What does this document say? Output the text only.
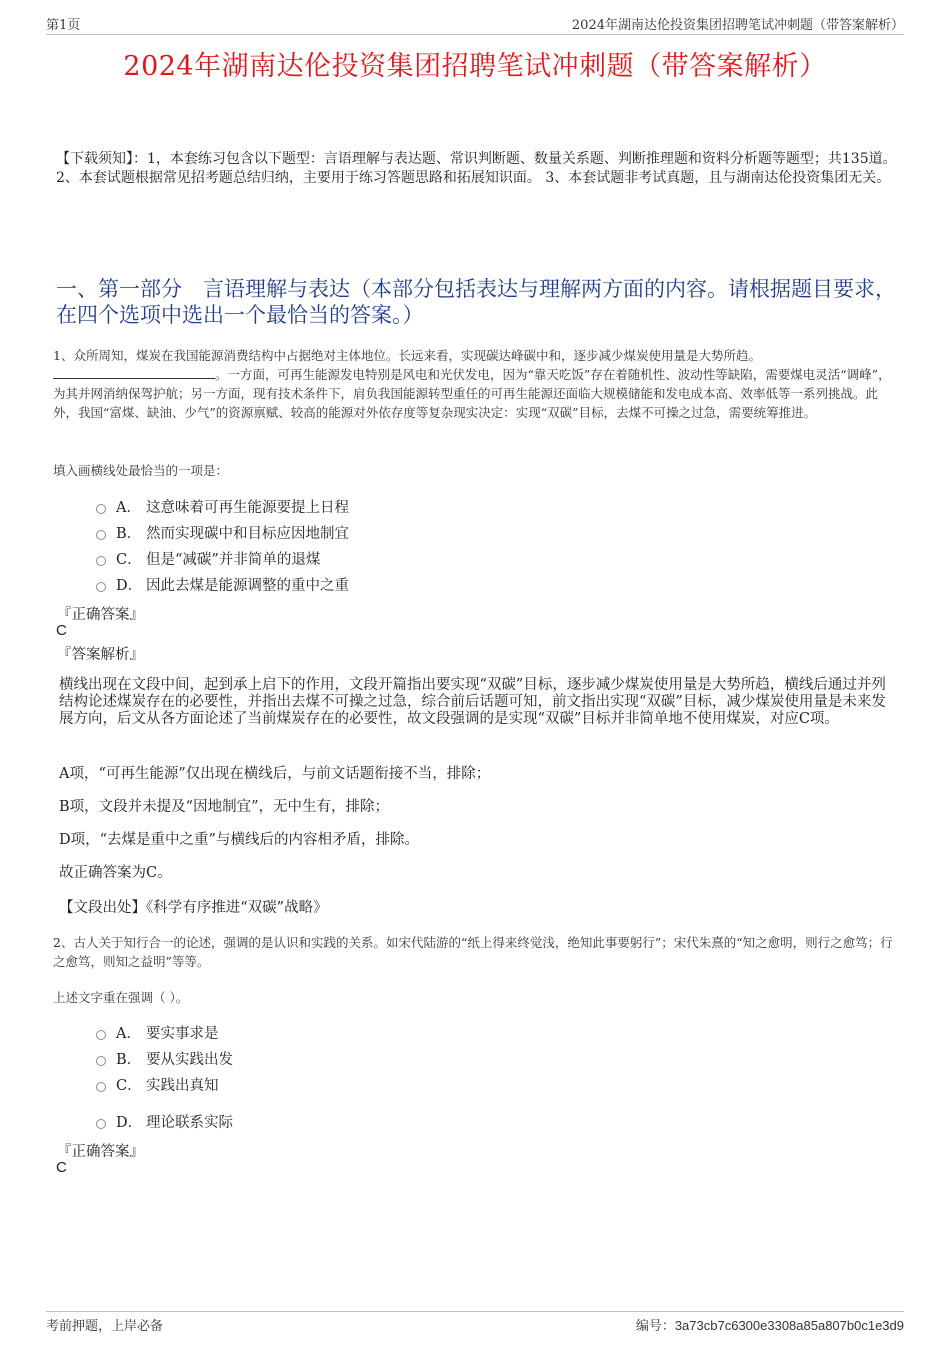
第1页	2024年湖南达伦投资集团招聘笔试冲刺题（带答案解析）
2024年湖南达伦投资集团招聘笔试冲刺题（带答案解析）
【下载须知】：1，本套练习包含以下题型：言语理解与表达题、常识判断题、数量关系题、判断推理题和资料分析题等题型；共135道。 2、本套试题根据常见招考题总结归纳，主要用于练习答题思路和拓展知识面。 3、本套试题非考试真题，且与湖南达伦投资集团无关。
一、第一部分　言语理解与表达（本部分包括表达与理解两方面的内容。请根据题目要求，在四个选项中选出一个最恰当的答案。）
1、众所周知，煤炭在我国能源消费结构中占据绝对主体地位。长远来看，实现碳达峰碳中和，逐步减少煤炭使用量是大势所趋。
。一方面，可再生能源发电特别是风电和光伏发电，因为“靠天吃饭”存在着随机性、波动性等缺陷，需要煤电灵活“调峰”，为其并网消纳保驾护航；另一方面，现有技术条件下，肩负我国能源转型重任的可再生能源还面临大规模储能和发电成本高、效率低等一系列挑战。此外，我国“富煤、缺油、少气”的资源禀赋、较高的能源对外依存度等复杂现实决定：实现“双碳”目标，去煤不可操之过急，需要统筹推进。
填入画横线处最恰当的一项是：
A． 这意味着可再生能源要提上日程
B． 然而实现碳中和目标应因地制宜
C． 但是“减碳”并非简单的退煤
D． 因此去煤是能源调整的重中之重
『正确答案』
C
『答案解析』
横线出现在文段中间，起到承上启下的作用，文段开篇指出要实现“双碳”目标，逐步减少煤炭使用量是大势所趋，横线后通过并列结构论述煤炭存在的必要性，并指出去煤不可操之过急，综合前后话题可知，前文指出实现“双碳”目标，减少煤炭使用量是未来发展方向，后文从各方面论述了当前煤炭存在的必要性，故文段强调的是实现“双碳”目标并非简单地不使用煤炭，对应C项。
A项，“可再生能源”仅出现在横线后，与前文话题衔接不当，排除；
B项，文段并未提及“因地制宜”，无中生有，排除；
D项，“去煤是重中之重”与横线后的内容相矛盾，排除。
故正确答案为C。
【文段出处】《科学有序推进“双碳”战略》
2、古人关于知行合一的论述，强调的是认识和实践的关系。如宋代陆游的“纸上得来终觉浅，绝知此事要躬行”；宋代朱熹的“知之愈明，则行之愈笃；行之愈笃，则知之益明”等等。
上述文字重在强调（ ）。
A． 要实事求是
B． 要从实践出发
C． 实践出真知
D． 理论联系实际
『正确答案』
C
考前押题，上岸必备	编号：3a73cb7c6300e3308a85a807b0c1e3d9
